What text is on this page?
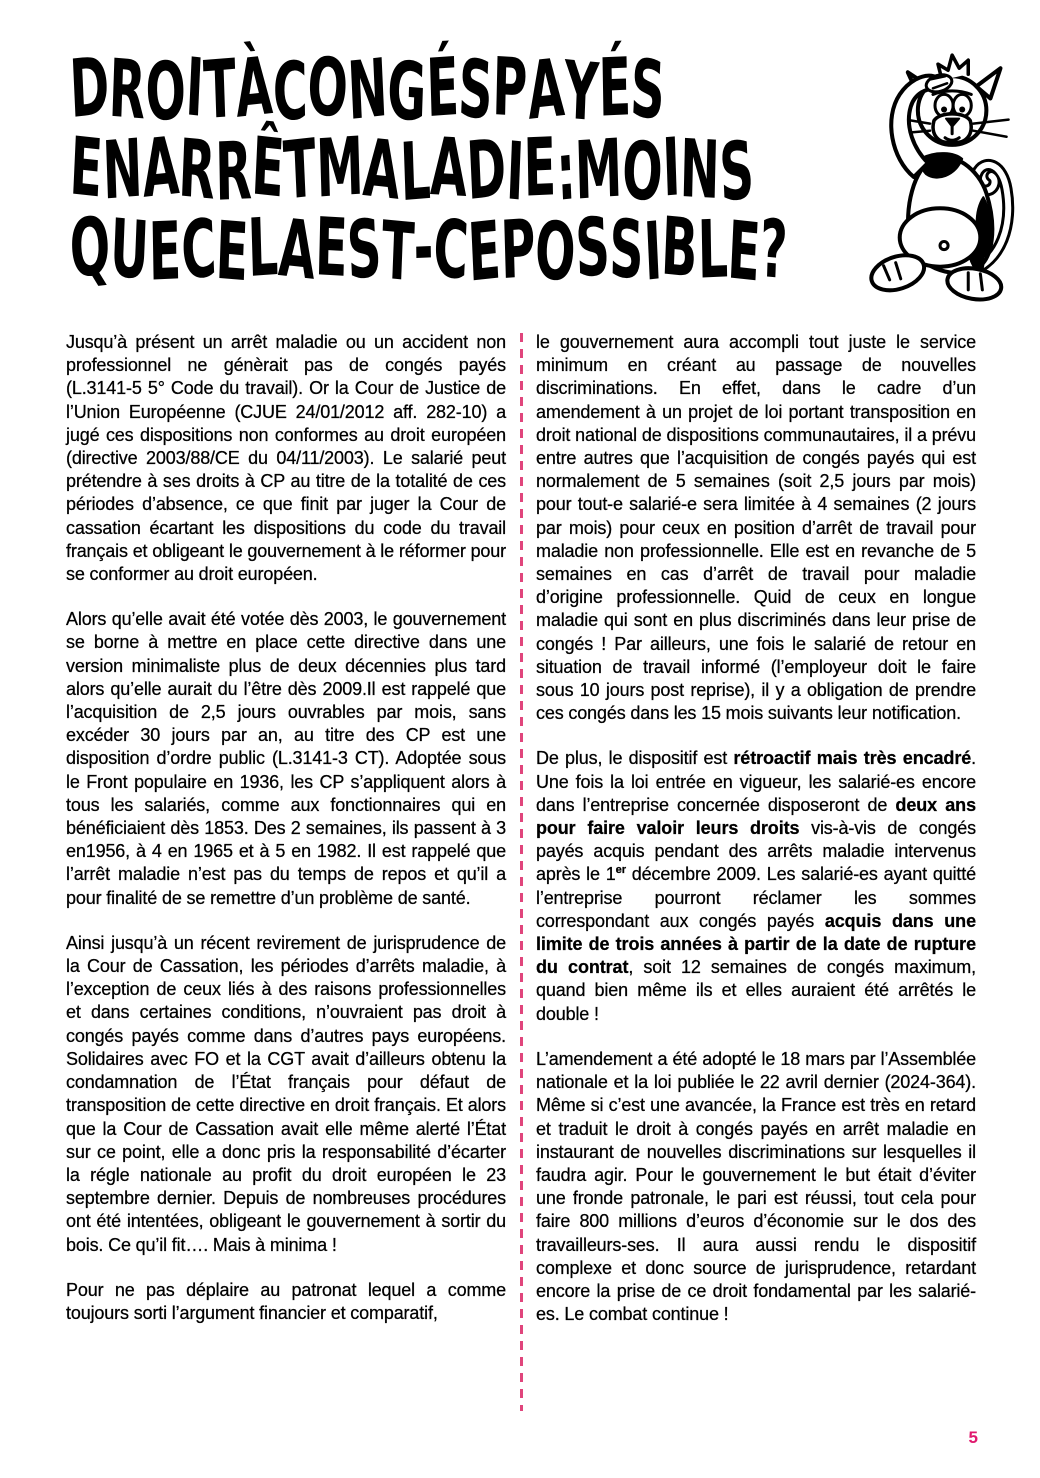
DROITÀCONGÉSPAYÉS
ENARRÊTMALADIE:MOINS
QUECELAEST-CEPOSSIBLE?

Jusqu’à présent un arrêt maladie ou un accident non professionnel ne génèrait pas de congés payés (L.3141-5 5° Code du travail). Or la Cour de Justice de l’Union Européenne (CJUE 24/01/2012 aff. 282-10) a jugé ces dispositions non conformes au droit européen (directive 2003/88/CE du 04/11/2003). Le salarié peut prétendre à ses droits à CP au titre de la totalité de ces périodes d’absence, ce que finit par juger la Cour de cassation écartant les dispositions du code du travail français et obligeant le gouvernement à le réformer pour se conformer au droit européen.

Alors qu’elle avait été votée dès 2003, le gouvernement se borne à mettre en place cette directive dans une version minimaliste plus de deux décennies plus tard alors qu’elle aurait du l’être dès 2009.Il est rappelé que l’acquisition de 2,5 jours ouvrables par mois, sans excéder 30 jours par an, au titre des CP est une disposition d’ordre public (L.3141-3 CT). Adoptée sous le Front populaire en 1936, les CP s’appliquent alors à tous les salariés, comme aux fonctionnaires qui en bénéficiaient dès 1853. Des 2 semaines, ils passent à 3 en1956, à 4 en 1965 et à 5 en 1982. Il est rappelé que l’arrêt maladie n’est pas du temps de repos et qu’il a pour finalité de se remettre d’un problème de santé.

Ainsi jusqu’à un récent revirement de jurisprudence de la Cour de Cassation, les périodes d’arrêts maladie, à l’exception de ceux liés à des raisons professionnelles et dans certaines conditions, n’ouvraient pas droit à congés payés comme dans d’autres pays européens. Solidaires avec FO et la CGT avait d’ailleurs obtenu la condamnation de l’État français pour défaut de transposition de cette directive en droit français. Et alors que la Cour de Cassation avait elle même alerté l’État sur ce point, elle a donc pris la responsabilité d’écarter la régle nationale au profit du droit européen le 23 septembre dernier. Depuis de nombreuses procédures ont été intentées, obligeant le gouvernement à sortir du bois. Ce qu’il fit…. Mais à minima !

Pour ne pas déplaire au patronat lequel a comme toujours sorti l’argument financier et comparatif,

le gouvernement aura accompli tout juste le service minimum en créant au passage de nouvelles discriminations. En effet, dans le cadre d’un amendement à un projet de loi portant transposition en droit national de dispositions communautaires, il a prévu entre autres que l’acquisition de congés payés qui est normalement de 5 semaines (soit 2,5 jours par mois) pour tout-e salarié-e sera limitée à 4 semaines (2 jours par mois) pour ceux en position d’arrêt de travail pour maladie non professionnelle. Elle est en revanche de 5 semaines en cas d’arrêt de travail pour maladie d’origine professionnelle. Quid de ceux en longue maladie qui sont en plus discriminés dans leur prise de congés ! Par ailleurs, une fois le salarié de retour en situation de travail informé (l’employeur doit le faire sous 10 jours post reprise), il y a obligation de prendre ces congés dans les 15 mois suivants leur notification.

De plus, le dispositif est rétroactif mais très encadré. Une fois la loi entrée en vigueur, les salarié-es encore dans l’entreprise concernée disposeront de deux ans pour faire valoir leurs droits vis-à-vis de congés payés acquis pendant des arrêts maladie intervenus après le 1er décembre 2009. Les salarié-es ayant quitté l’entreprise pourront réclamer les sommes correspondant aux congés payés acquis dans une limite de trois années à partir de la date de rupture du contrat, soit 12 semaines de congés maximum, quand bien même ils et elles auraient été arrêtés le double !

L’amendement a été adopté le 18 mars par l’Assemblée nationale et la loi publiée le 22 avril dernier (2024-364). Même si c’est une avancée, la France est très en retard et traduit le droit à congés payés en arrêt maladie en instaurant de nouvelles discriminations sur lesquelles il faudra agir. Pour le gouvernement le but était d’éviter une fronde patronale, le pari est réussi, tout cela pour faire 800 millions d’euros d’économie sur le dos des travailleurs-ses. Il aura aussi rendu le dispositif complexe et donc source de jurisprudence, retardant encore la prise de ce droit fondamental par les salarié-es. Le combat continue !

5
